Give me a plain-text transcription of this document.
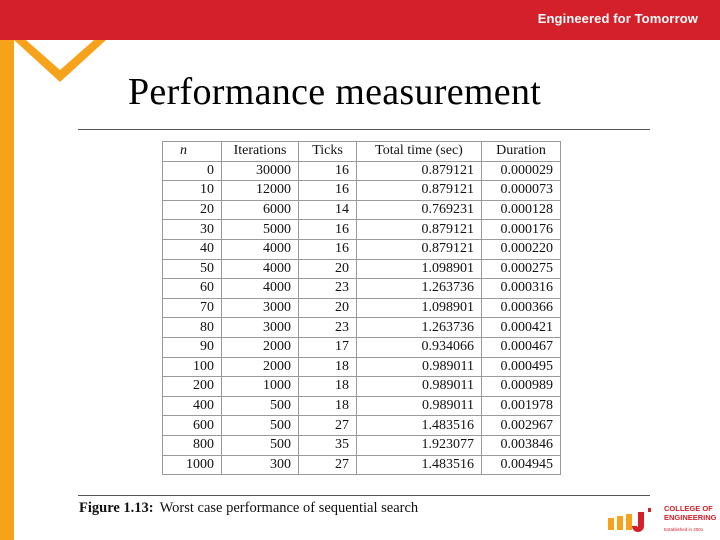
Engineered for Tomorrow
Performance measurement
n	Iterations	Ticks	Total time (sec)	Duration
0	30000	16	0.879121	0.000029
10	12000	16	0.879121	0.000073
20	6000	14	0.769231	0.000128
30	5000	16	0.879121	0.000176
40	4000	16	0.879121	0.000220
50	4000	20	1.098901	0.000275
60	4000	23	1.263736	0.000316
70	3000	20	1.098901	0.000366
80	3000	23	1.263736	0.000421
90	2000	17	0.934066	0.000467
100	2000	18	0.989011	0.000495
200	1000	18	0.989011	0.000989
400	500	18	0.989011	0.001978
600	500	27	1.483516	0.002967
800	500	35	1.923077	0.003846
1000	300	27	1.483516	0.004945
Figure 1.13: Worst case performance of sequential search	COLLEGE OF
ENGINEERING
Established in 2001
